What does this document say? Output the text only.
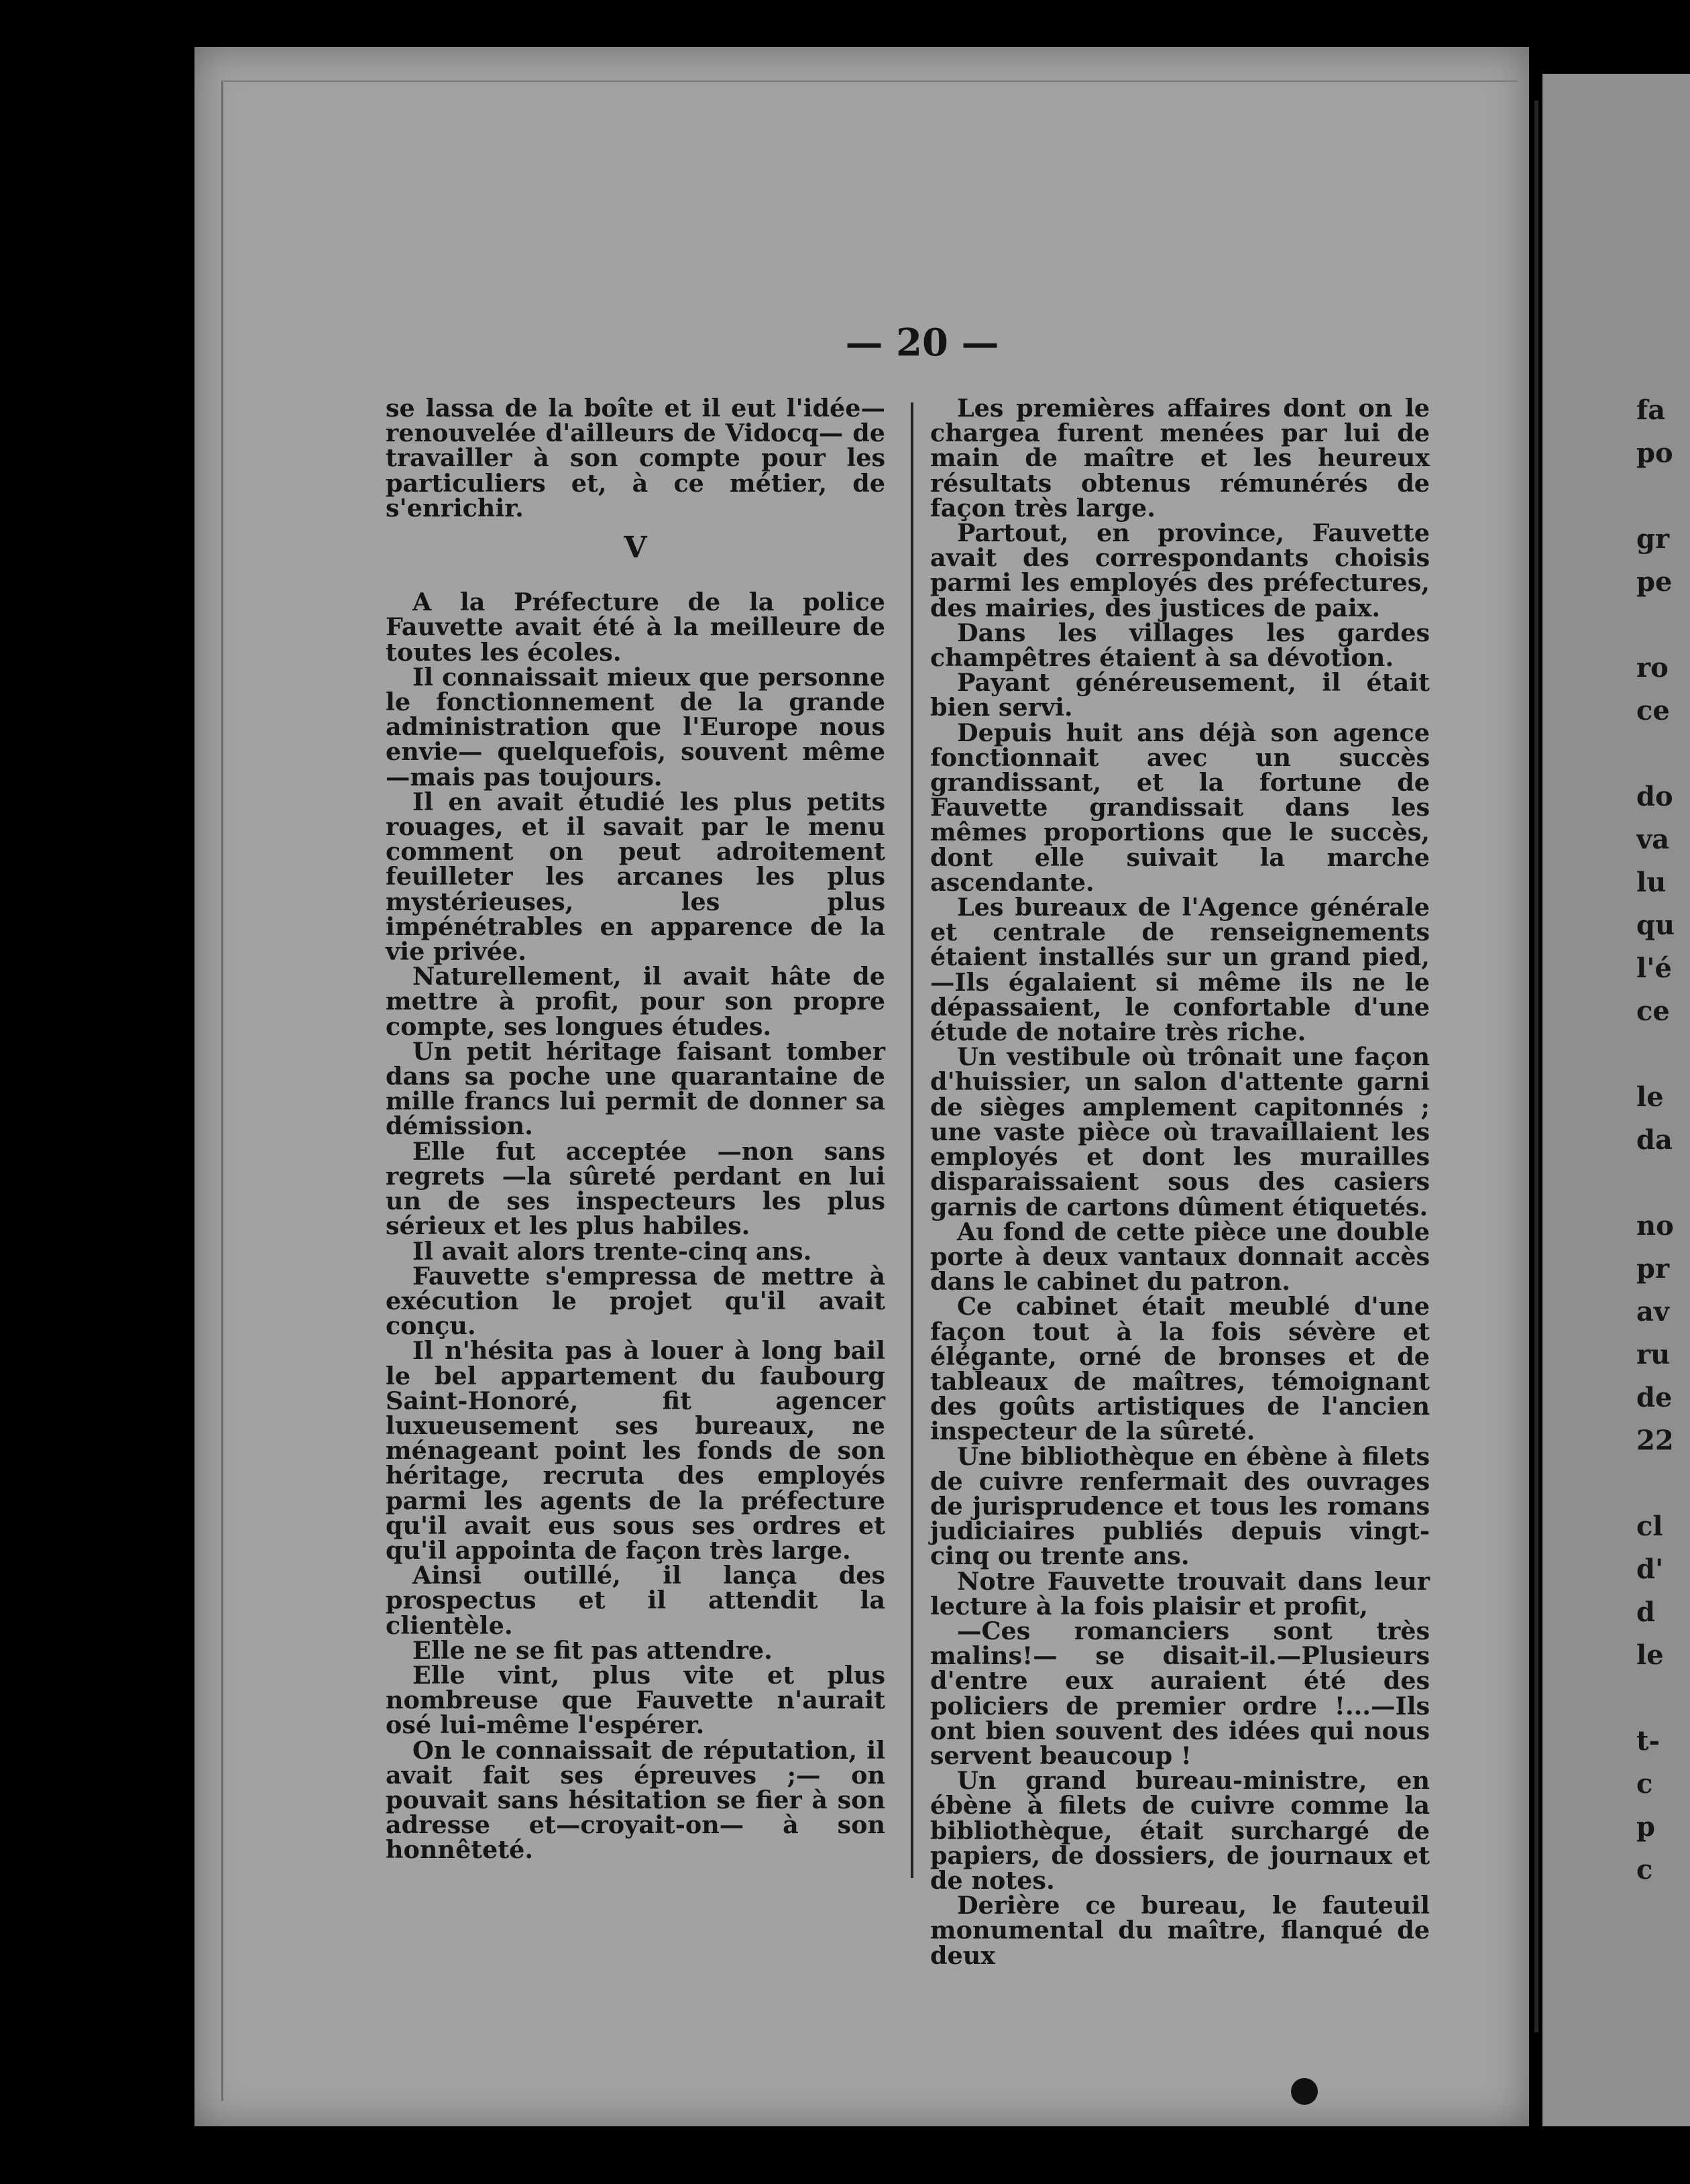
fa
po

gr
pe

ro
ce

do
va
lu
qu
l'é
ce

le
da

no
pr
av
ru
de
22

cl
d'
d
le

t-
c
p
c
— 20 —

se lassa de la boîte et il eut l'idée— renouvelée d'ailleurs de Vidocq— de travailler à son compte pour les particuliers et, à ce métier, de s'enrichir.

V

A la Préfecture de la police Fauvette avait été à la meilleure de toutes les écoles.

Il connaissait mieux que personne le fonctionnement de la grande administration que l'Europe nous envie— quelquefois, souvent même—mais pas toujours.

Il en avait étudié les plus petits rouages, et il savait par le menu comment on peut adroitement feuilleter les arcanes les plus mystérieuses, les plus impénétrables en apparence de la vie privée.

Naturellement, il avait hâte de mettre à profit, pour son propre compte, ses longues études.

Un petit héritage faisant tomber dans sa poche une quarantaine de mille francs lui permit de donner sa démission.

Elle fut acceptée —non sans regrets —la sûreté perdant en lui un de ses inspecteurs les plus sérieux et les plus habiles.

Il avait alors trente-cinq ans.

Fauvette s'empressa de mettre à exécution le projet qu'il avait conçu.

Il n'hésita pas à louer à long bail le bel appartement du faubourg Saint-Honoré, fit agencer luxueusement ses bureaux, ne ménageant point les fonds de son héritage, recruta des employés parmi les agents de la préfecture qu'il avait eus sous ses ordres et qu'il appointa de façon très large.

Ainsi outillé, il lança des prospectus et il attendit la clientèle.

Elle ne se fit pas attendre.

Elle vint, plus vite et plus nombreuse que Fauvette n'aurait osé lui-même l'espérer.

On le connaissait de réputation, il avait fait ses épreuves ;— on pouvait sans hésitation se fier à son adresse et—croyait-on— à son honnêteté.

Les premières affaires dont on le chargea furent menées par lui de main de maître et les heureux résultats obtenus rémunérés de façon très large.

Partout, en province, Fauvette avait des correspondants choisis parmi les employés des préfectures, des mairies, des justices de paix.

Dans les villages les gardes champêtres étaient à sa dévotion.

Payant généreusement, il était bien servi.

Depuis huit ans déjà son agence fonctionnait avec un succès grandissant, et la fortune de Fauvette grandissait dans les mêmes proportions que le succès, dont elle suivait la marche ascendante.

Les bureaux de l'Agence générale et centrale de renseignements étaient installés sur un grand pied,—Ils égalaient si même ils ne le dépassaient, le confortable d'une étude de notaire très riche.

Un vestibule où trônait une façon d'huissier, un salon d'attente garni de sièges amplement capitonnés ; une vaste pièce où travaillaient les employés et dont les murailles disparaissaient sous des casiers garnis de cartons dûment étiquetés.

Au fond de cette pièce une double porte à deux vantaux donnait accès dans le cabinet du patron.

Ce cabinet était meublé d'une façon tout à la fois sévère et élégante, orné de bronses et de tableaux de maîtres, témoignant des goûts artistiques de l'ancien inspecteur de la sûreté.

Une bibliothèque en ébène à filets de cuivre renfermait des ouvrages de jurisprudence et tous les romans judiciaires publiés depuis vingt-cinq ou trente ans.

Notre Fauvette trouvait dans leur lecture à la fois plaisir et profit,

—Ces romanciers sont très malins!— se disait-il.—Plusieurs d'entre eux auraient été des policiers de premier ordre !...—Ils ont bien souvent des idées qui nous servent beaucoup !

Un grand bureau-ministre, en ébène à filets de cuivre comme la bibliothèque, était surchargé de papiers, de dossiers, de journaux et de notes.

Derière ce bureau, le fauteuil monumental du maître, flanqué de deux
